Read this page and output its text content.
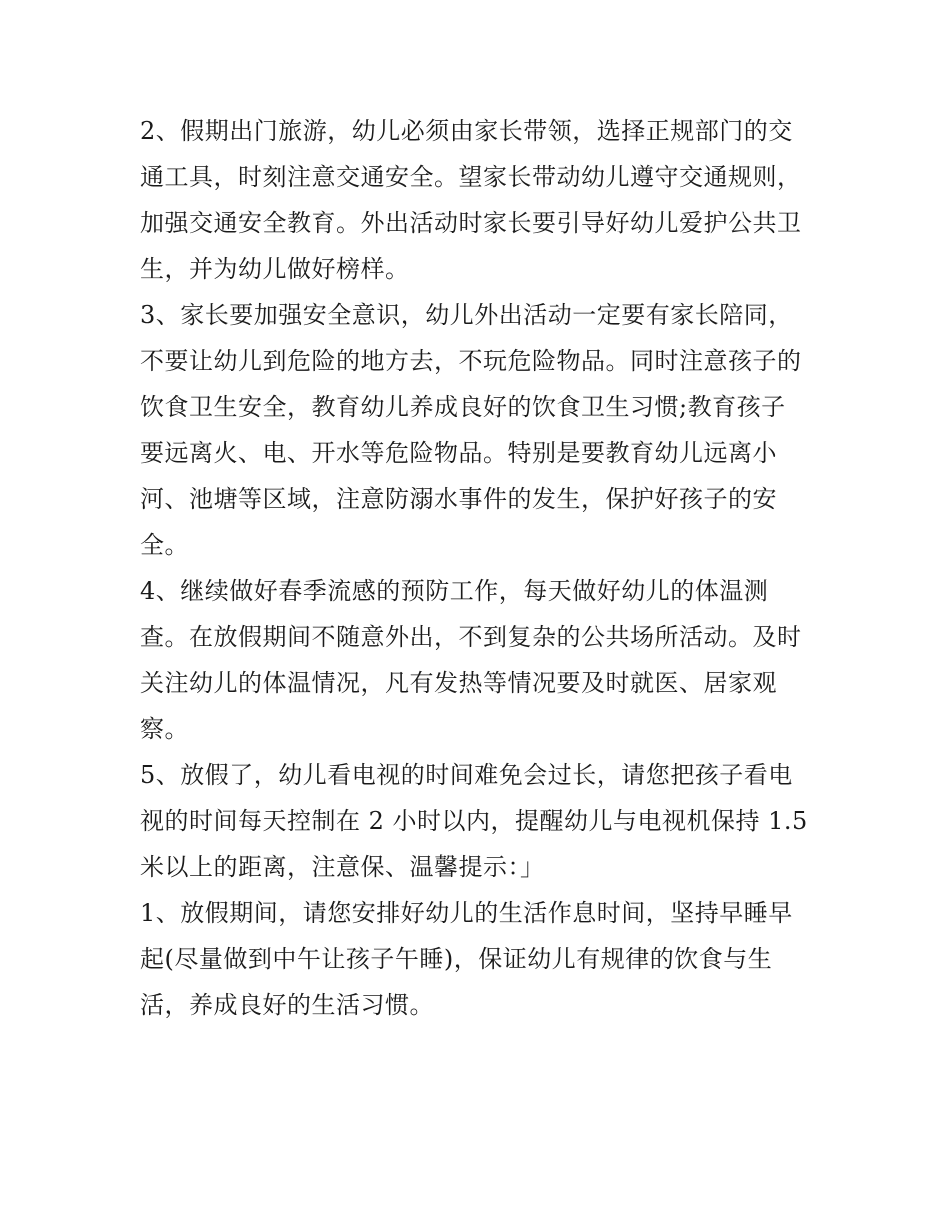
2、假期出门旅游，幼儿必须由家长带领，选择正规部门的交

通工具，时刻注意交通安全。望家长带动幼儿遵守交通规则，

加强交通安全教育。外出活动时家长要引导好幼儿爱护公共卫

生，并为幼儿做好榜样。

3、家长要加强安全意识，幼儿外出活动一定要有家长陪同，

不要让幼儿到危险的地方去，不玩危险物品。同时注意孩子的

饮食卫生安全，教育幼儿养成良好的饮食卫生习惯;教育孩子

要远离火、电、开水等危险物品。特别是要教育幼儿远离小

河、池塘等区域，注意防溺水事件的发生，保护好孩子的安

全。

4、继续做好春季流感的预防工作，每天做好幼儿的体温测

查。在放假期间不随意外出，不到复杂的公共场所活动。及时

关注幼儿的体温情况，凡有发热等情况要及时就医、居家观

察。

5、放假了，幼儿看电视的时间难免会过长，请您把孩子看电

视的时间每天控制在 2 小时以内，提醒幼儿与电视机保持 1.5

米以上的距离，注意保、温馨提示：」

1、放假期间，请您安排好幼儿的生活作息时间，坚持早睡早

起(尽量做到中午让孩子午睡)，保证幼儿有规律的饮食与生

活，养成良好的生活习惯。
